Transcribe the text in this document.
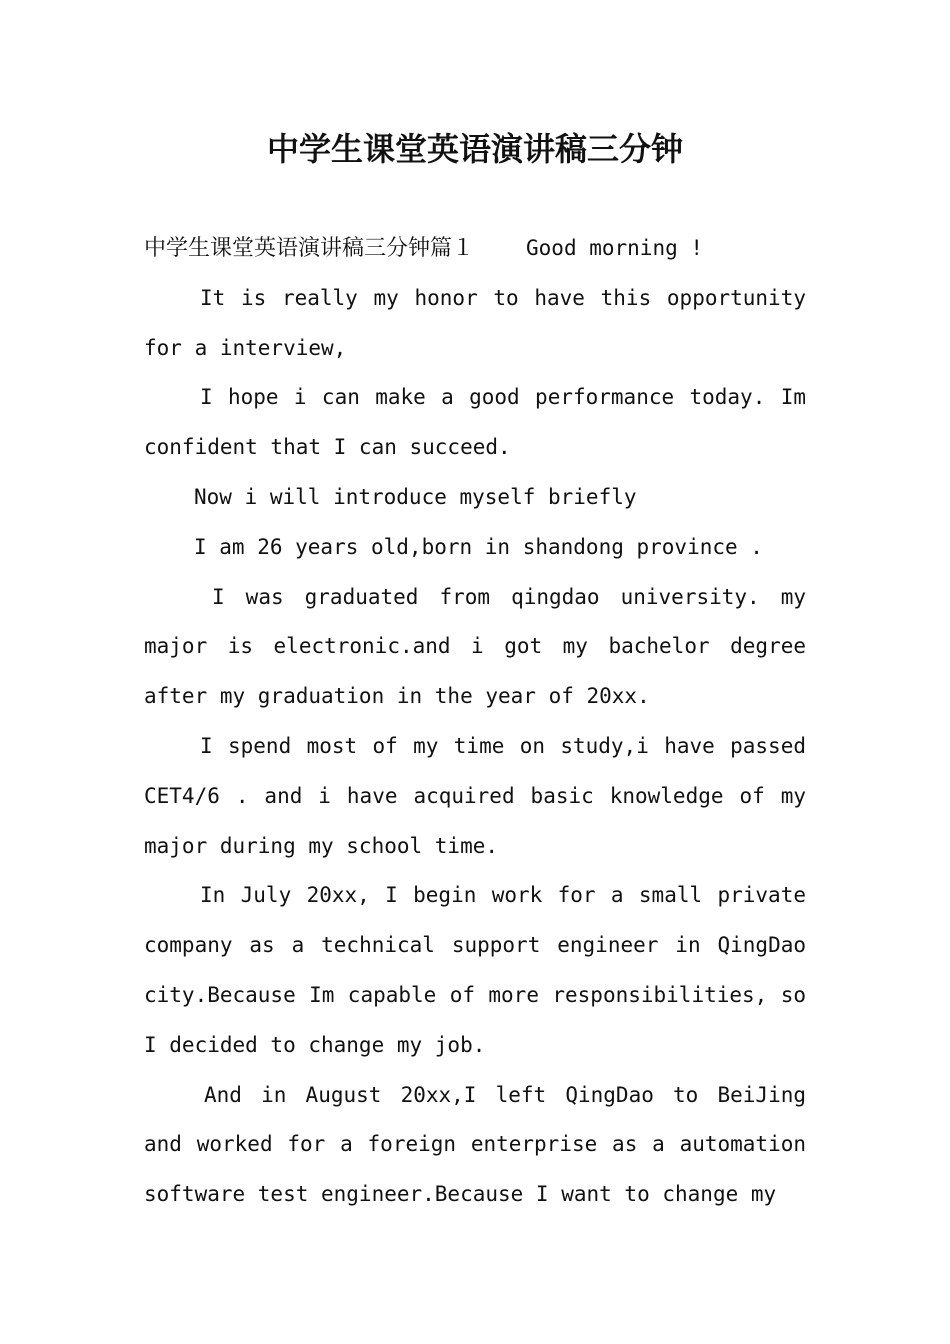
中学生课堂英语演讲稿三分钟

中学生课堂英语演讲稿三分钟篇１ Good morning !

It is really my honor to have this opportunity for a interview,

I hope i can make a good performance today. Im confident that I can succeed.

Now i will introduce myself briefly

I am 26 years old,born in shandong province .

I was graduated from qingdao university. my major is electronic.and i got my bachelor degree after my graduation in the year of 20xx.

I spend most of my time on study,i have passed CET4/6 . and i have acquired basic knowledge of my major during my school time.

In July 20xx, I begin work for a small private company as a technical support engineer in QingDao city.Because Im capable of more responsibilities, so I decided to change my job.

And in August 20xx,I left QingDao to BeiJing and worked for a foreign enterprise as a automation software test engineer.Because I want to change my
